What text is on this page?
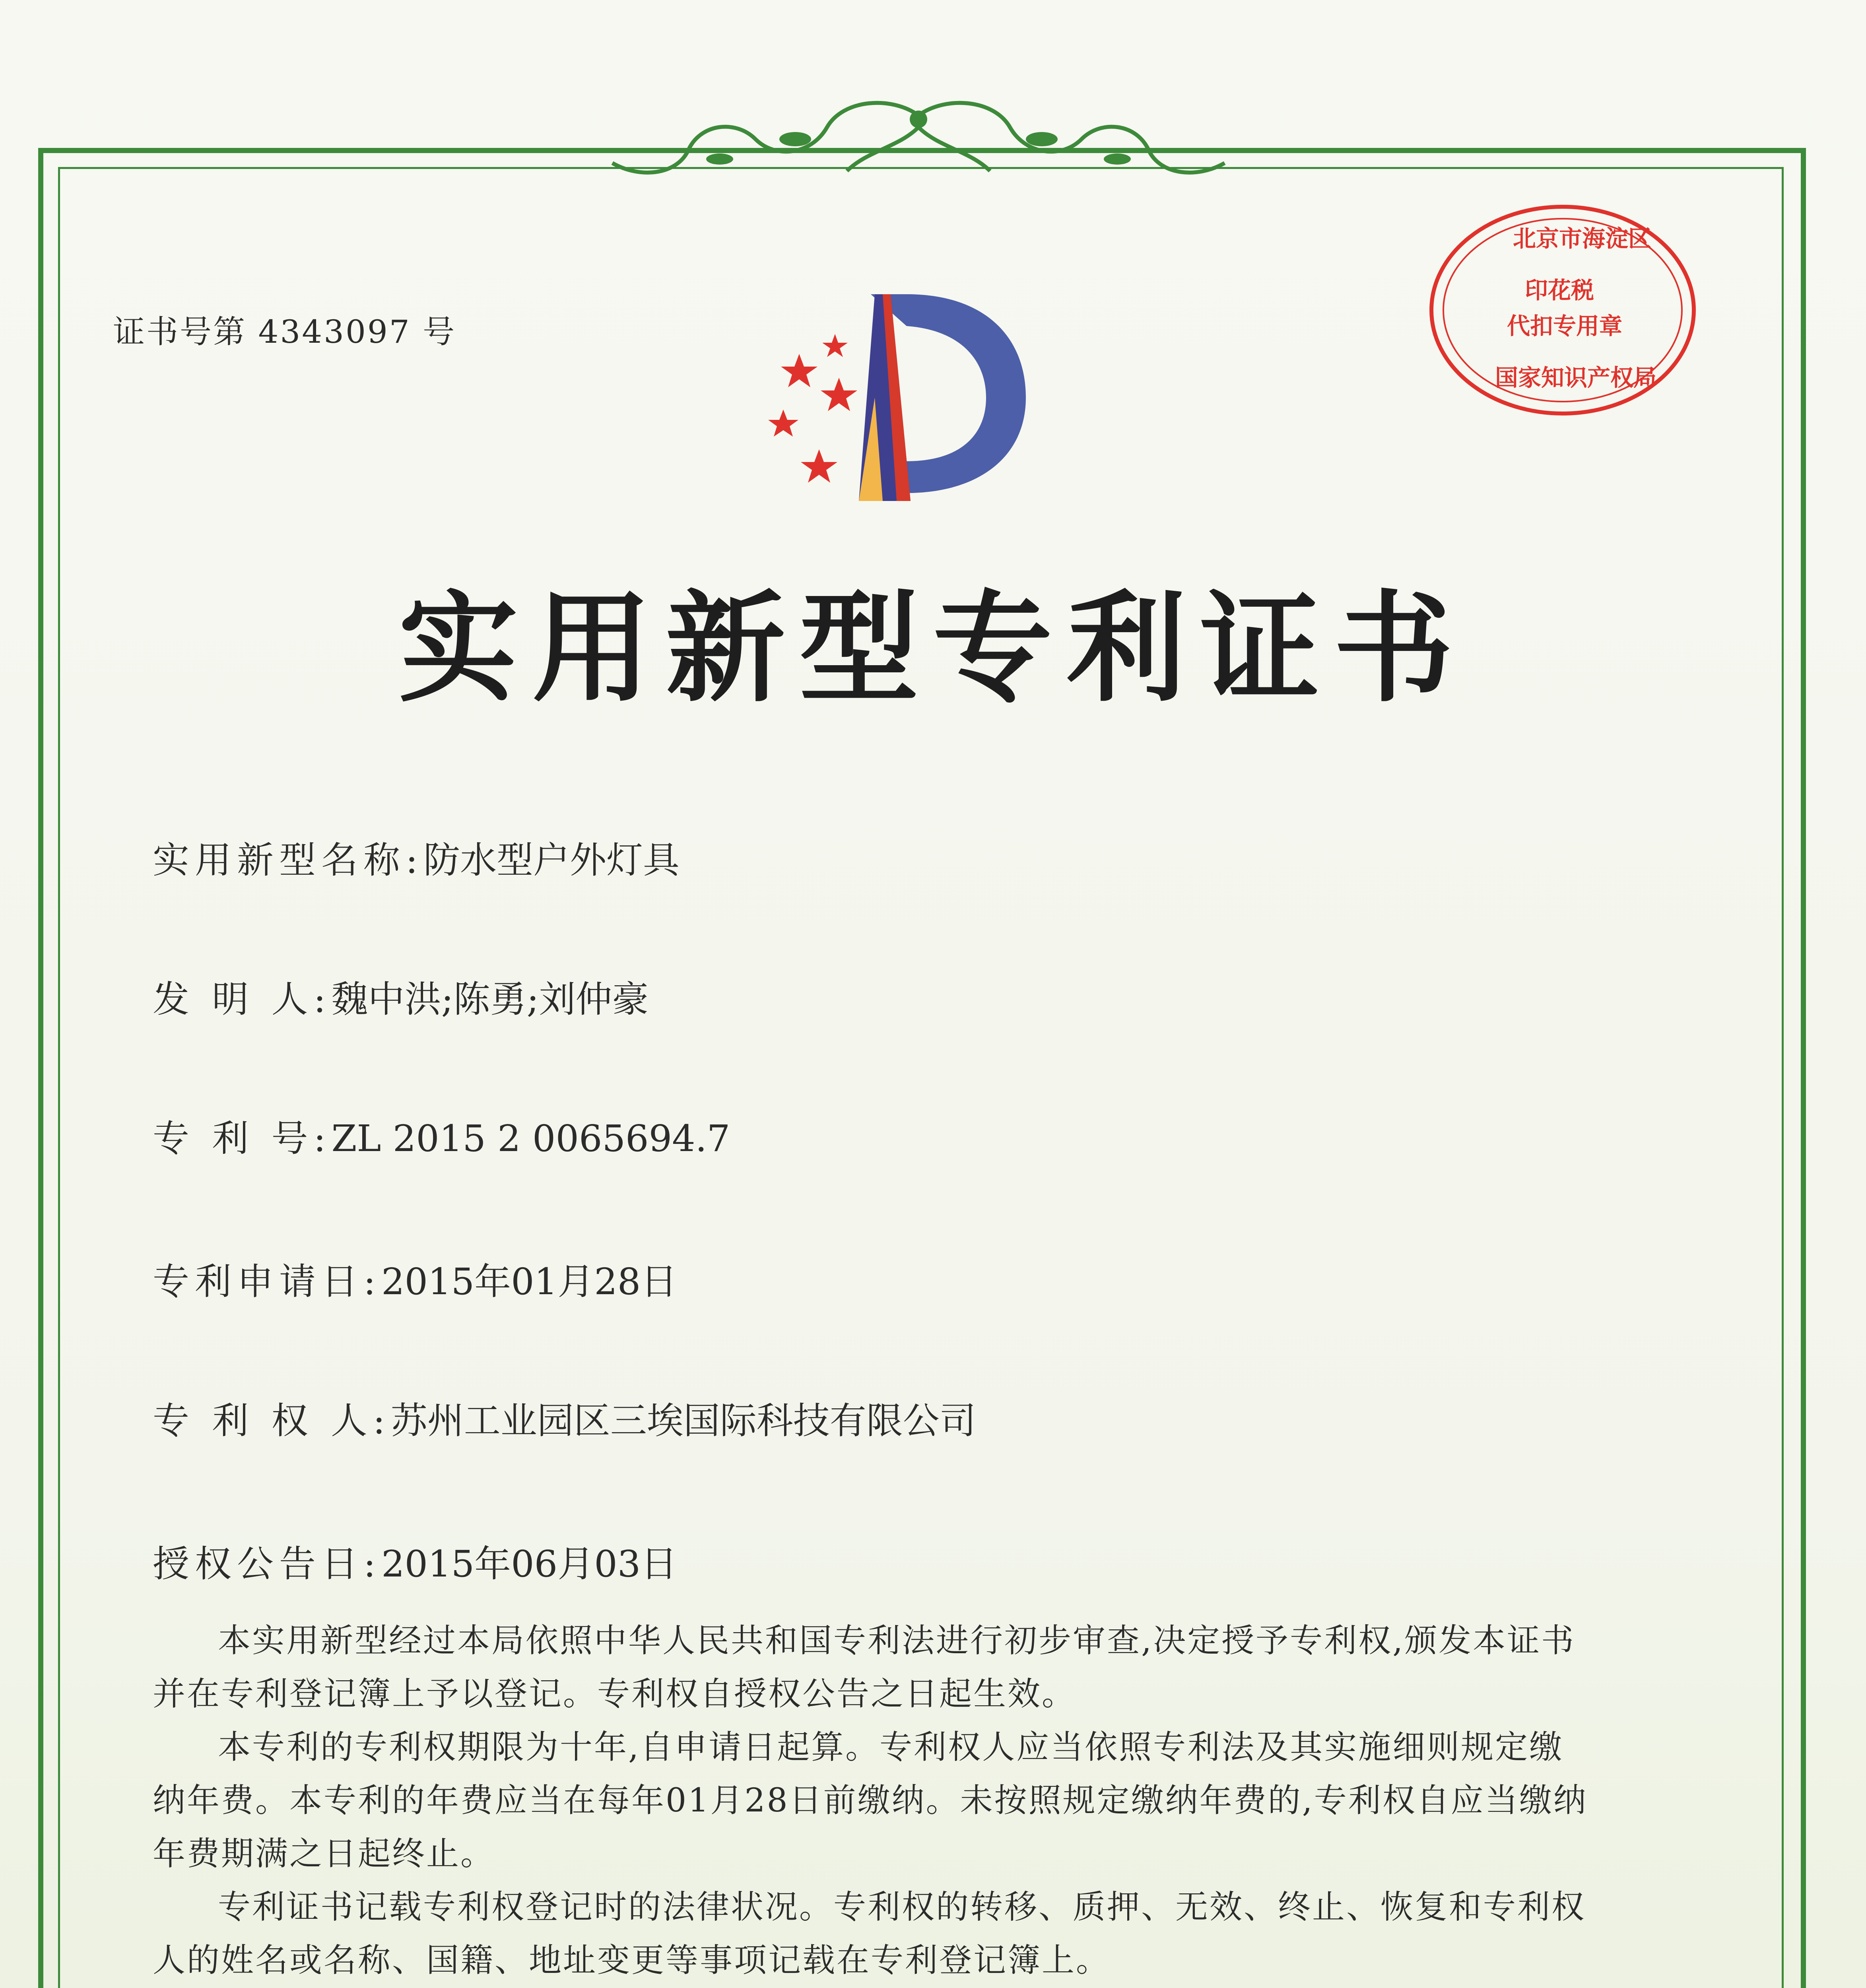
证书号第 4343097 号
北京市海淀区
印花税
代扣专用章
国家知识产权局
实用新型专利证书
实用新型名称:防水型户外灯具
发 明 人:魏中洪;陈勇;刘仲豪
专 利 号:ZL 2015 2 0065694.7
专利申请日:2015年01月28日
专 利 权 人:苏州工业园区三埃国际科技有限公司
授权公告日:2015年06月03日

本实用新型经过本局依照中华人民共和国专利法进行初步审查,决定授予专利权,颁发本证书并在专利登记簿上予以登记。专利权自授权公告之日起生效。

本专利的专利权期限为十年,自申请日起算。专利权人应当依照专利法及其实施细则规定缴纳年费。本专利的年费应当在每年01月28日前缴纳。未按照规定缴纳年费的,专利权自应当缴纳年费期满之日起终止。

专利证书记载专利权登记时的法律状况。专利权的转移、质押、无效、终止、恢复和专利权人的姓名或名称、国籍、地址变更等事项记载在专利登记簿上。
